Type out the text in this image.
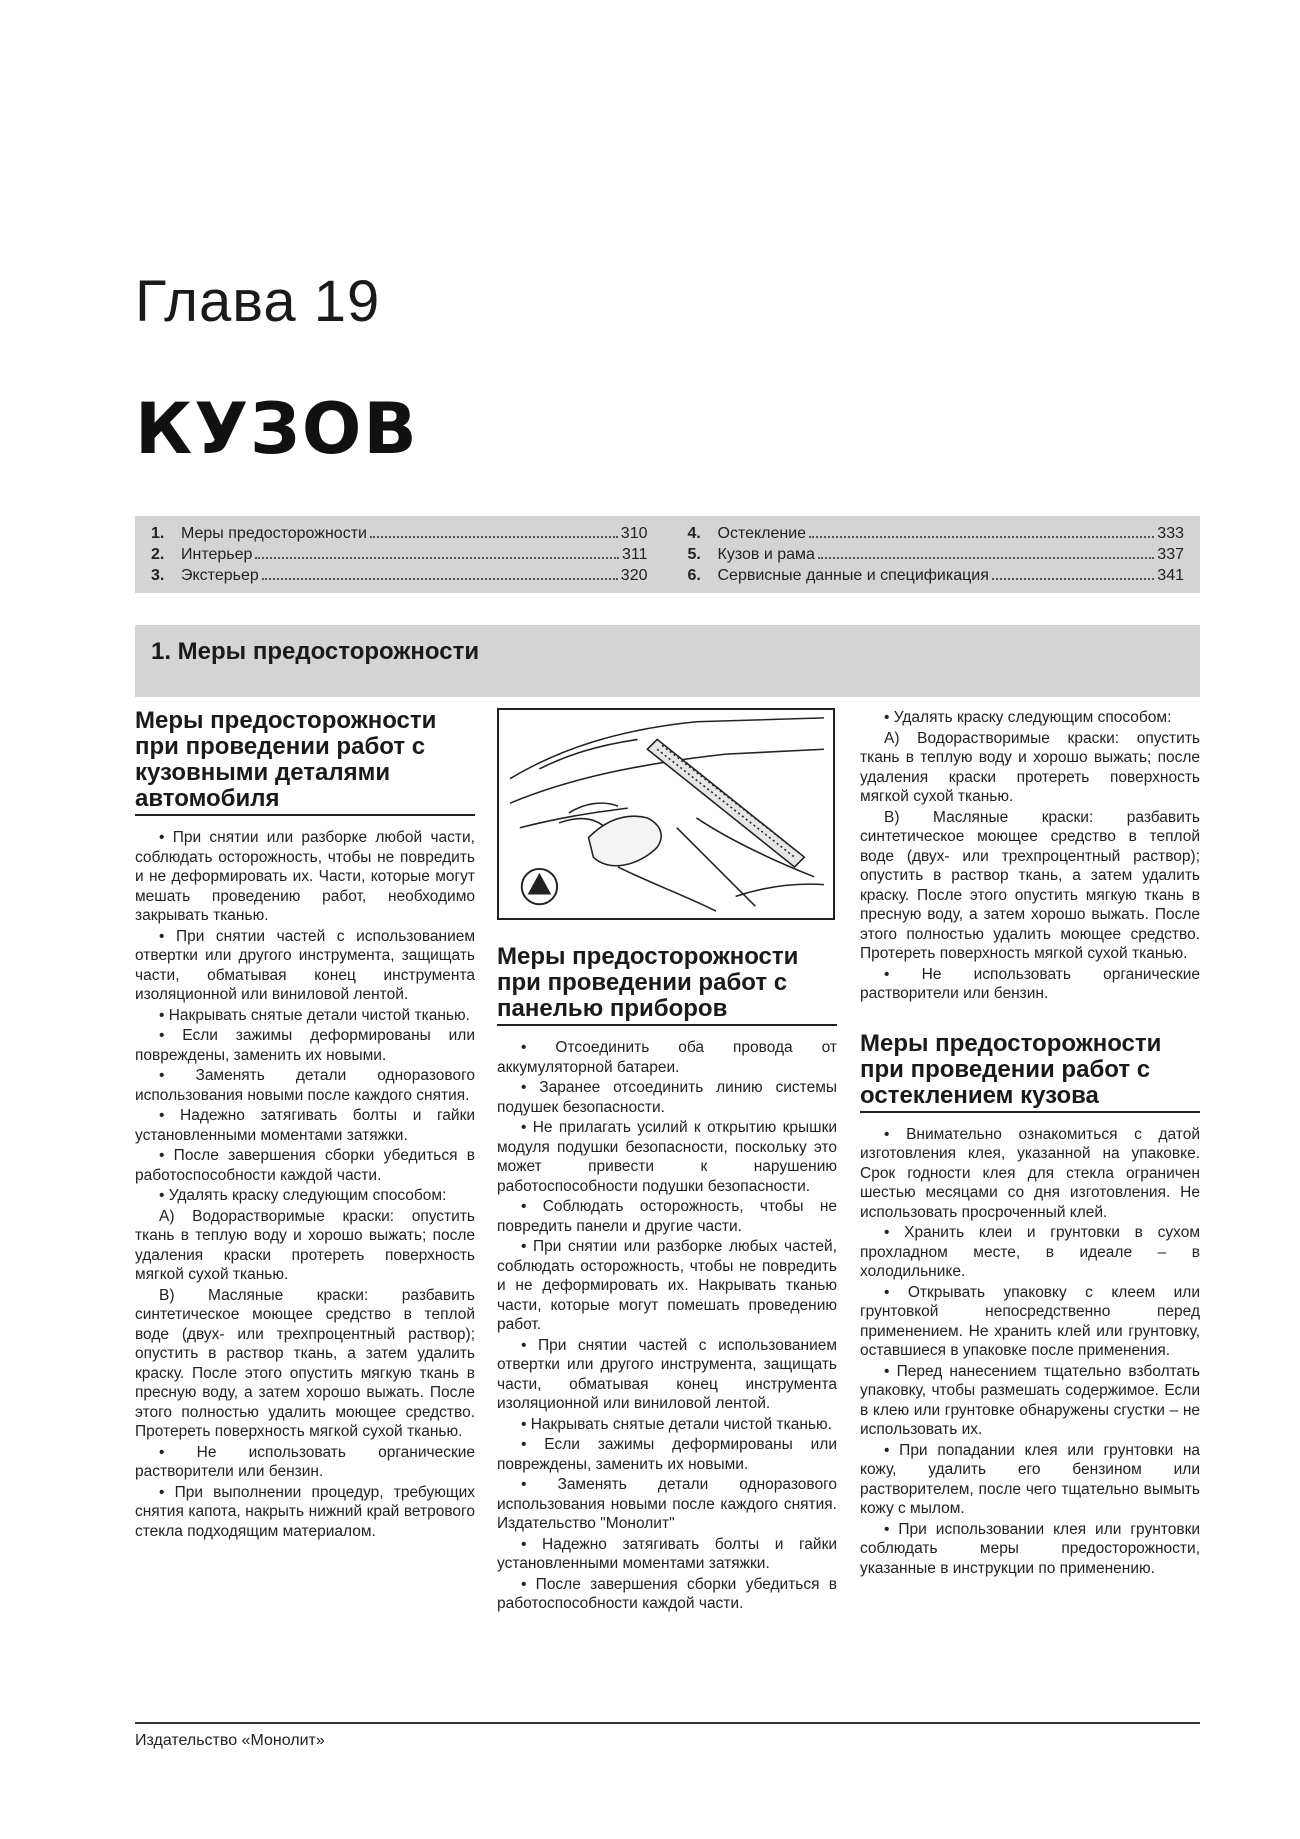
Глава 19
КУЗОВ
1.	Меры предосторожности	310
2.	Интерьер	311
3.	Экстерьер	320
4.	Остекление	333
5.	Кузов и рама	337
6.	Сервисные данные и спецификация	341
1. Меры предосторожности
Меры предосторожности при проведении работ с кузовными деталями автомобиля

• При снятии или разборке любой части, соблюдать осторожность, чтобы не повредить и не деформировать их. Части, которые могут мешать проведению работ, необходимо закрывать тканью.

• При снятии частей с использованием отвертки или другого инструмента, защищать части, обматывая конец инструмента изоляционной или виниловой лентой.

• Накрывать снятые детали чистой тканью.

• Если зажимы деформированы или повреждены, заменить их новыми.

• Заменять детали одноразового использования новыми после каждого снятия.

• Надежно затягивать болты и гайки установленными моментами затяжки.

• После завершения сборки убедиться в работоспособности каждой части.

• Удалять краску следующим способом:

А) Водорастворимые краски: опустить ткань в теплую воду и хорошо выжать; после удаления краски протереть поверхность мягкой сухой тканью.

В) Масляные краски: разбавить синтетическое моющее средство в теплой воде (двух- или трехпроцентный раствор); опустить в раствор ткань, а затем удалить краску. После этого опустить мягкую ткань в пресную воду, а затем хорошо выжать. После этого полностью удалить моющее средство. Протереть поверхность мягкой сухой тканью.

• Не использовать органические растворители или бензин.

• При выполнении процедур, требующих снятия капота, накрыть нижний край ветрового стекла подходящим материалом.

Меры предосторожности при проведении работ с панелью приборов

• Отсоединить оба провода от аккумуляторной батареи.

• Заранее отсоединить линию системы подушек безопасности.

• Не прилагать усилий к открытию крышки модуля подушки безопасности, поскольку это может привести к нарушению работоспособности подушки безопасности.

• Соблюдать осторожность, чтобы не повредить панели и другие части.

• При снятии или разборке любых частей, соблюдать осторожность, чтобы не повредить и не деформировать их. Накрывать тканью части, которые могут помешать проведению работ.

• При снятии частей с использованием отвертки или другого инструмента, защищать части, обматывая конец инструмента изоляционной или виниловой лентой.

• Накрывать снятые детали чистой тканью.

• Если зажимы деформированы или повреждены, заменить их новыми.

• Заменять детали одноразового использования новыми после каждого снятия. Издательство "Монолит"

• Надежно затягивать болты и гайки установленными моментами затяжки.

• После завершения сборки убедиться в работоспособности каждой части.

• Удалять краску следующим способом:

А) Водорастворимые краски: опустить ткань в теплую воду и хорошо выжать; после удаления краски протереть поверхность мягкой сухой тканью.

В) Масляные краски: разбавить синтетическое моющее средство в теплой воде (двух- или трехпроцентный раствор); опустить в раствор ткань, а затем удалить краску. После этого опустить мягкую ткань в пресную воду, а затем хорошо выжать. После этого полностью удалить моющее средство. Протереть поверхность мягкой сухой тканью.

• Не использовать органические растворители или бензин.

Меры предосторожности при проведении работ с остеклением кузова

• Внимательно ознакомиться с датой изготовления клея, указанной на упаковке. Срок годности клея для стекла ограничен шестью месяцами со дня изготовления. Не использовать просроченный клей.

• Хранить клеи и грунтовки в сухом прохладном месте, в идеале – в холодильнике.

• Открывать упаковку с клеем или грунтовкой непосредственно перед применением. Не хранить клей или грунтовку, оставшиеся в упаковке после применения.

• Перед нанесением тщательно взболтать упаковку, чтобы размешать содержимое. Если в клею или грунтовке обнаружены сгустки – не использовать их.

• При попадании клея или грунтовки на кожу, удалить его бензином или растворителем, после чего тщательно вымыть кожу с мылом.

• При использовании клея или грунтовки соблюдать меры предосторожности, указанные в инструкции по применению.

Издательство «Монолит»
